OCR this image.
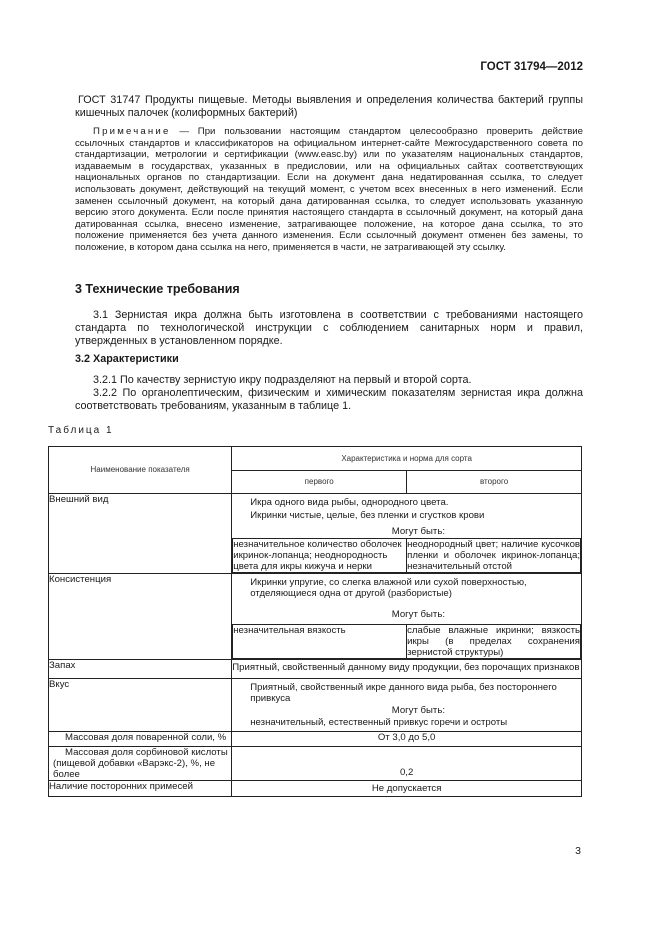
ГОСТ 31794—2012

ГОСТ 31747 Продукты пищевые. Методы выявления и определения количества бактерий группы кишечных палочек (колиформных бактерий)

Примечание — При пользовании настоящим стандартом целесообразно проверить действие ссылочных стандартов и классификаторов на официальном интернет-сайте Межгосударственного совета по стандартизации, метрологии и сертификации (www.easc.by) или по указателям национальных стандартов, издаваемым в государствах, указанных в предисловии, или на официальных сайтах соответствующих национальных органов по стандартизации. Если на документ дана недатированная ссылка, то следует использовать документ, действующий на текущий момент, с учетом всех внесенных в него изменений. Если заменен ссылочный документ, на который дана датированная ссылка, то следует использовать указанную версию этого документа. Если после принятия настоящего стандарта в ссылочный документ, на который дана датированная ссылка, внесено изменение, затрагивающее положение, на которое дана ссылка, то это положение применяется без учета данного изменения. Если ссылочный документ отменен без замены, то положение, в котором дана ссылка на него, применяется в части, не затрагивающей эту ссылку.

3 Технические требования

3.1 Зернистая икра должна быть изготовлена в соответствии с требованиями настоящего стандарта по технологической инструкции с соблюдением санитарных норм и правил, утвержденных в установленном порядке.

3.2 Характеристики

3.2.1 По качеству зернистую икру подразделяют на первый и второй сорта.

3.2.2 По органолептическим, физическим и химическим показателям зернистая икра должна соответствовать требованиям, указанным в таблице 1.

Таблица 1
Наименование показателя	Характеристика и норма для сорта
первого	второго
Внешний вид	Икра одного вида рыбы, однородного цвета.
Икринки чистые, целые, без пленки и сгустков крови
Могут быть:
незначительное количество оболочек икринок-лопанца; неоднородность цвета для икры кижуча и нерки	неоднородный цвет; наличие кусочков пленки и оболочек икринок-лопанца; незначительный отстой

Консистенция	Икринки упругие, со слегка влажной или сухой поверхностью, отделяющиеся одна от другой (разбористые)
Могут быть:
незначительная вязкость	слабые влажные икринки; вязкость икры (в пределах сохранения зернистой структуры)

Запах	Приятный, свойственный данному виду продукции, без порочащих признаков
Вкус	Приятный, свойственный икре данного вида рыба, без постороннего привкуса
Могут быть:
незначительный, естественный привкус горечи и остроты

Массовая доля поваренной соли, %	От 3,0 до 5,0
Массовая доля сорбиновой кислоты (пищевой добавки «Варэкс-2), %, не более	0,2
Наличие посторонних примесей	Не допускается
3
